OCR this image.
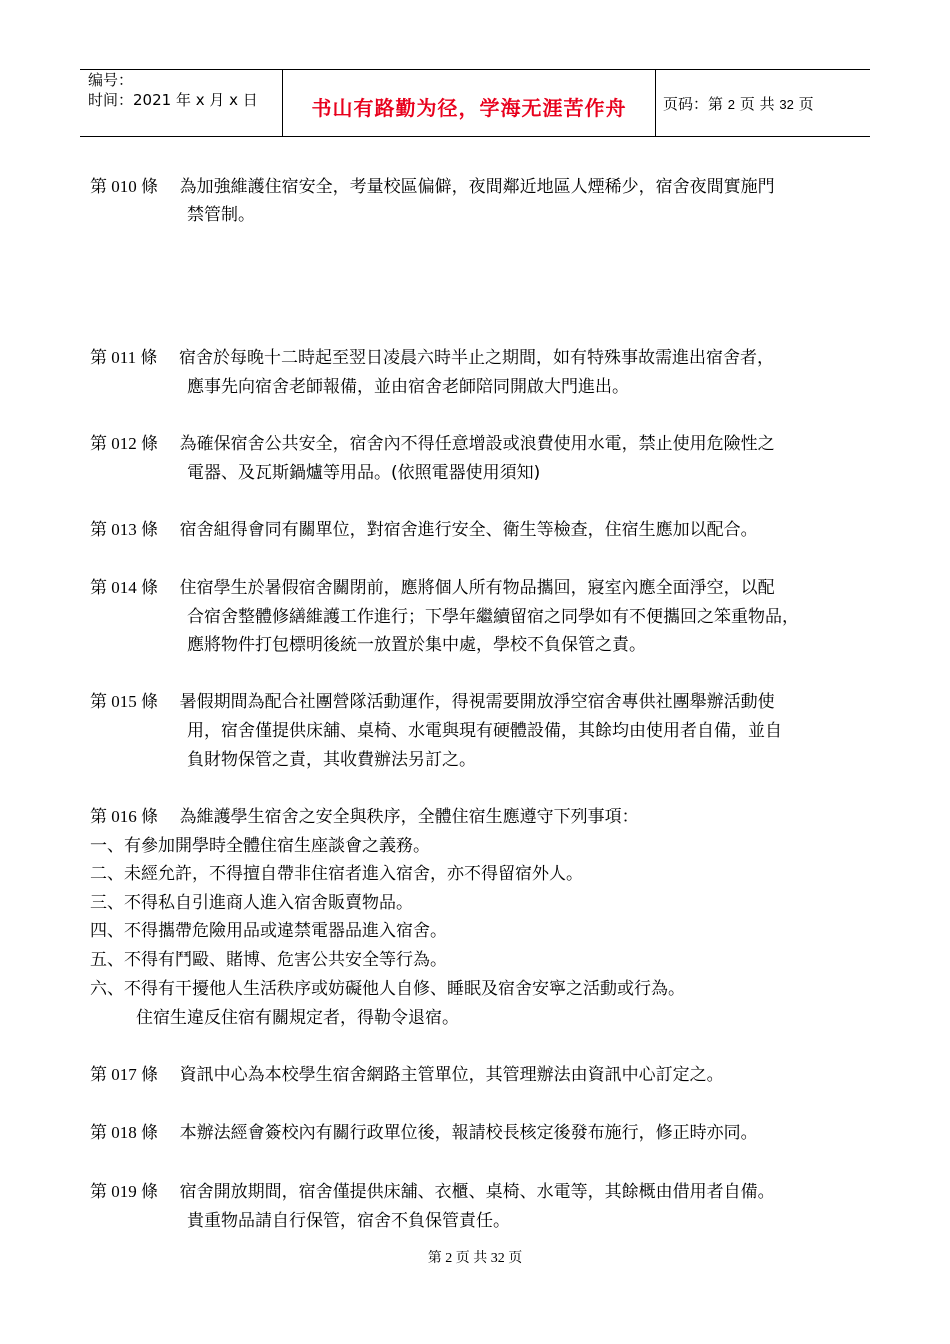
编号：
时间：2021 年 x 月 x 日	书山有路勤为径，学海无涯苦作舟	页码：第 2 页 共 32 页
第 010 條 為加強維護住宿安全，考量校區偏僻，夜間鄰近地區人煙稀少，宿舍夜間實施門
禁管制。
第 011 條 宿舍於每晚十二時起至翌日凌晨六時半止之期間，如有特殊事故需進出宿舍者，
應事先向宿舍老師報備，並由宿舍老師陪同開啟大門進出。
第 012 條 為確保宿舍公共安全，宿舍內不得任意增設或浪費使用水電，禁止使用危險性之
電器、及瓦斯鍋爐等用品。(依照電器使用須知)
第 013 條 宿舍組得會同有關單位，對宿舍進行安全、衛生等檢查，住宿生應加以配合。
第 014 條 住宿學生於暑假宿舍關閉前，應將個人所有物品攜回，寢室內應全面淨空，以配
合宿舍整體修繕維護工作進行；下學年繼續留宿之同學如有不便攜回之笨重物品，
應將物件打包標明後統一放置於集中處，學校不負保管之責。
第 015 條 暑假期間為配合社團營隊活動運作，得視需要開放淨空宿舍專供社團舉辦活動使
用，宿舍僅提供床舖、桌椅、水電與現有硬體設備，其餘均由使用者自備，並自
負財物保管之責，其收費辦法另訂之。
第 016 條 為維護學生宿舍之安全與秩序，全體住宿生應遵守下列事項：
一、有參加開學時全體住宿生座談會之義務。
二、未經允許，不得擅自帶非住宿者進入宿舍，亦不得留宿外人。
三、不得私自引進商人進入宿舍販賣物品。
四、不得攜帶危險用品或違禁電器品進入宿舍。
五、不得有鬥毆、賭博、危害公共安全等行為。
六、不得有干擾他人生活秩序或妨礙他人自修、睡眠及宿舍安寧之活動或行為。
住宿生違反住宿有關規定者，得勒令退宿。
第 017 條 資訊中心為本校學生宿舍網路主管單位，其管理辦法由資訊中心訂定之。
第 018 條 本辦法經會簽校內有關行政單位後，報請校長核定後發布施行，修正時亦同。
第 019 條 宿舍開放期間，宿舍僅提供床舖、衣櫃、桌椅、水電等，其餘概由借用者自備。
貴重物品請自行保管，宿舍不負保管責任。
第 2 页 共 32 页
